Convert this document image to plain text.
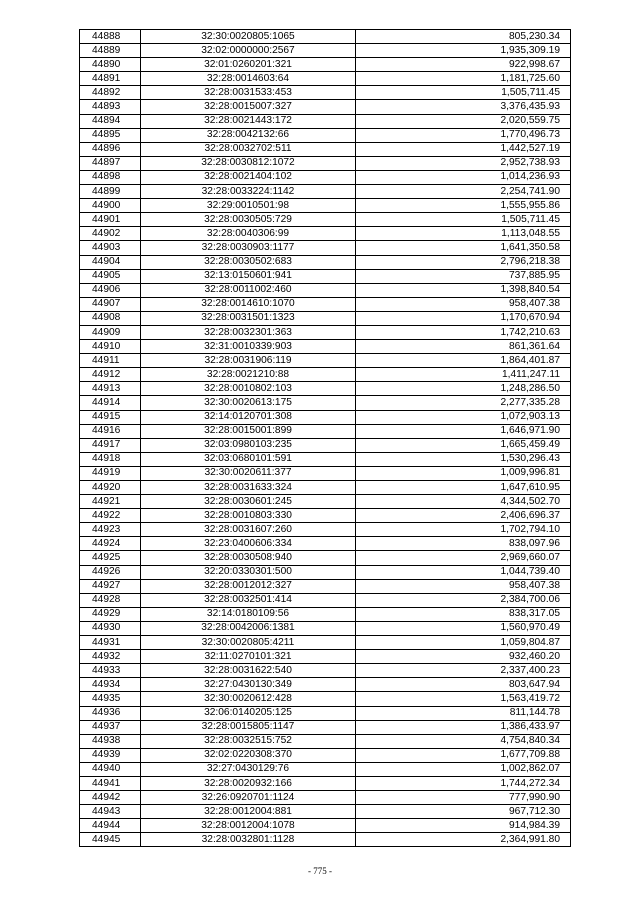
44888	32:30:0020805:1065	805,230.34
44889	32:02:0000000:2567	1,935,309.19
44890	32:01:0260201:321	922,998.67
44891	32:28:0014603:64	1,181,725.60
44892	32:28:0031533:453	1,505,711.45
44893	32:28:0015007:327	3,376,435.93
44894	32:28:0021443:172	2,020,559.75
44895	32:28:0042132:66	1,770,496.73
44896	32:28:0032702:511	1,442,527.19
44897	32:28:0030812:1072	2,952,738.93
44898	32:28:0021404:102	1,014,236.93
44899	32:28:0033224:1142	2,254,741.90
44900	32:29:0010501:98	1,555,955.86
44901	32:28:0030505:729	1,505,711.45
44902	32:28:0040306:99	1,113,048.55
44903	32:28:0030903:1177	1,641,350.58
44904	32:28:0030502:683	2,796,218.38
44905	32:13:0150601:941	737,885.95
44906	32:28:0011002:460	1,398,840.54
44907	32:28:0014610:1070	958,407.38
44908	32:28:0031501:1323	1,170,670.94
44909	32:28:0032301:363	1,742,210.63
44910	32:31:0010339:903	861,361.64
44911	32:28:0031906:119	1,864,401.87
44912	32:28:0021210:88	1,411,247.11
44913	32:28:0010802:103	1,248,286.50
44914	32:30:0020613:175	2,277,335.28
44915	32:14:0120701:308	1,072,903.13
44916	32:28:0015001:899	1,646,971.90
44917	32:03:0980103:235	1,665,459.49
44918	32:03:0680101:591	1,530,296.43
44919	32:30:0020611:377	1,009,996.81
44920	32:28:0031633:324	1,647,610.95
44921	32:28:0030601:245	4,344,502.70
44922	32:28:0010803:330	2,406,696.37
44923	32:28:0031607:260	1,702,794.10
44924	32:23:0400606:334	838,097.96
44925	32:28:0030508:940	2,969,660.07
44926	32:20:0330301:500	1,044,739.40
44927	32:28:0012012:327	958,407.38
44928	32:28:0032501:414	2,384,700.06
44929	32:14:0180109:56	838,317.05
44930	32:28:0042006:1381	1,560,970.49
44931	32:30:0020805:4211	1,059,804.87
44932	32:11:0270101:321	932,460.20
44933	32:28:0031622:540	2,337,400.23
44934	32:27:0430130:349	803,647.94
44935	32:30:0020612:428	1,563,419.72
44936	32:06:0140205:125	811,144.78
44937	32:28:0015805:1147	1,386,433.97
44938	32:28:0032515:752	4,754,840.34
44939	32:02:0220308:370	1,677,709.88
44940	32:27:0430129:76	1,002,862.07
44941	32:28:0020932:166	1,744,272.34
44942	32:26:0920701:1124	777,990.90
44943	32:28:0012004:881	967,712.30
44944	32:28:0012004:1078	914,984.39
44945	32:28:0032801:1128	2,364,991.80
- 775 -
